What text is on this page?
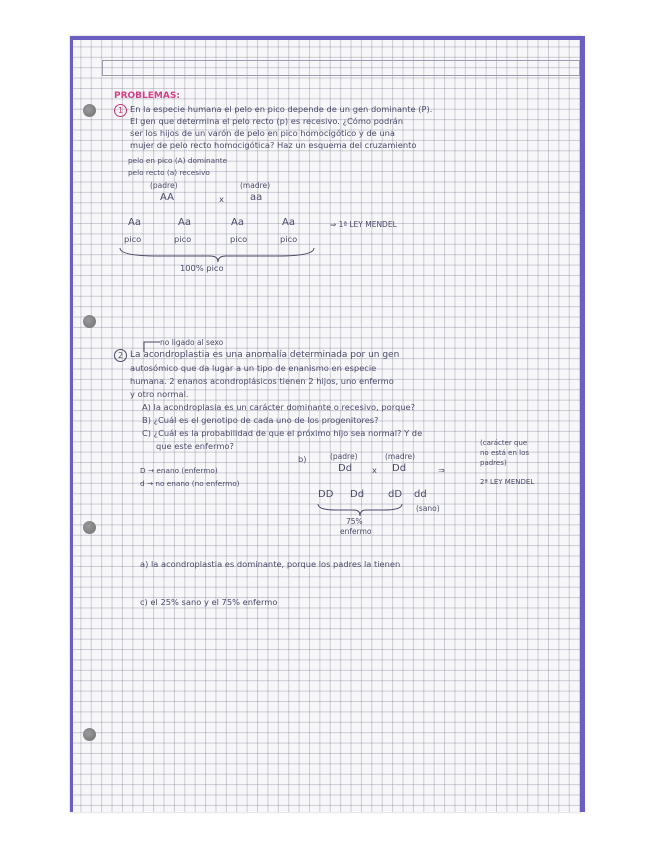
PROBLEMAS:

1 En la especie humana el pelo en pico depende de un gen dominante (P).

El gen que determina el pelo recto (p) es recesivo. ¿Cómo podrán

ser los hijos de un varón de pelo en pico homocigótico y de una

mujer de pelo recto homocigótica? Haz un esquema del cruzamiento

pelo en pico (A) dominante

pelo recto (a) recesivo

(padre)	(madre)

AA	x	aa

Aa	Aa	Aa	Aa

pico	pico	pico	pico

⇒ 1ª LEY MENDEL

100% pico

no ligado al sexo

2 La acondroplastia es una anomalía determinada por un gen

autosómico que da lugar a un tipo de enanismo en especie

humana. 2 enanos acondroplásicos tienen 2 hijos, uno enfermo

y otro normal.

A) la acondroplasia es un carácter dominante o recesivo, porque?

B) ¿Cuál es el genotipo de cada uno de los progenitores?

C) ¿Cuál es la probabilidad de que el próximo hijo sea normal? Y de

que este enfermo?

D → enano (enfermo)

d → no enano (no enfermo)

b)	(padre)	(madre)

Dd x Dd	⇒

(carácter que

no está en los

padres)

2ª LEY MENDEL

DD Dd dD dd

(sano)

75%

enfermo

a) la acondroplastia es dominante, porque los padres la tienen

c) el 25% sano y el 75% enfermo
